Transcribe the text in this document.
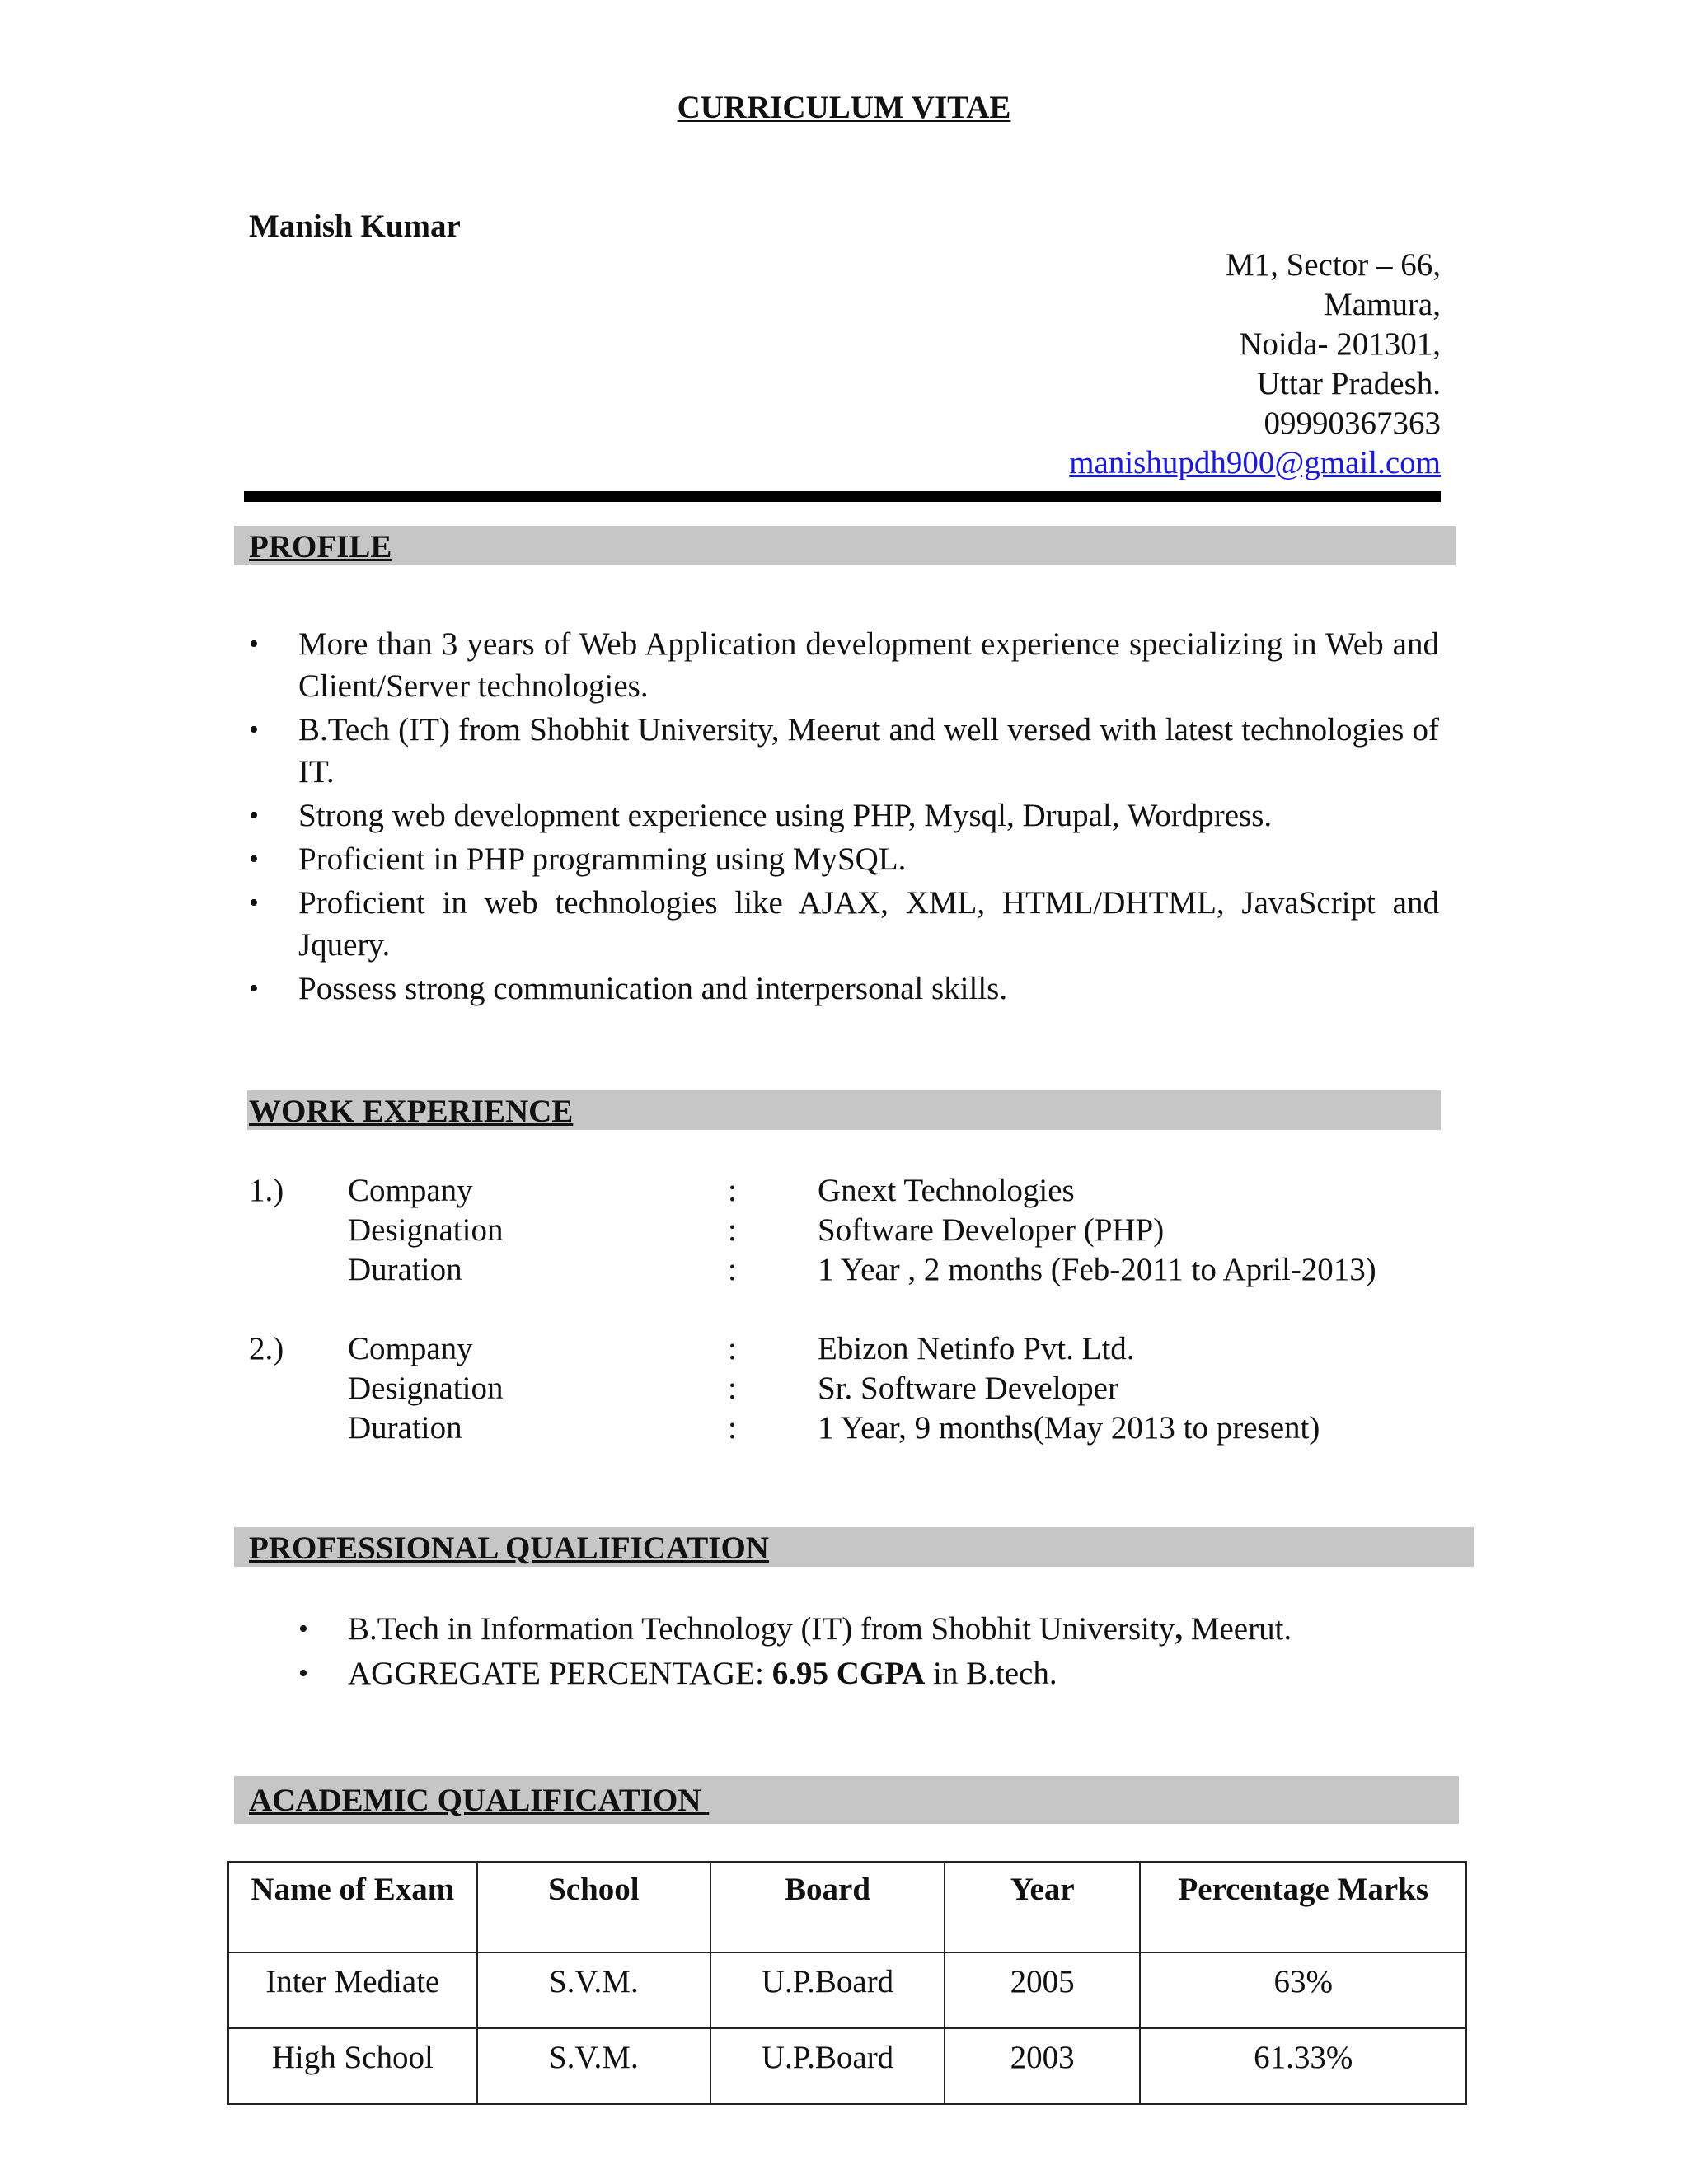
CURRICULUM VITAE
Manish Kumar
M1, Sector – 66,
Mamura,
Noida- 201301,
Uttar Pradesh.
09990367363
manishupdh900@gmail.com
PROFILE
• More than 3 years of Web Application development experience specializing in Web and Client/Server technologies.
• B.Tech (IT) from Shobhit University, Meerut and well versed with latest technologies of IT.
• Strong web development experience using PHP, Mysql, Drupal, Wordpress.
• Proficient in PHP programming using MySQL.
• Proficient in web technologies like AJAX, XML, HTML/DHTML, JavaScript and Jquery.
• Possess strong communication and interpersonal skills.
WORK EXPERIENCE
1.) Company	:	Gnext Technologies
Designation	:	Software Developer (PHP)
Duration	:	1 Year , 2 months (Feb-2011 to April-2013)
2.) Company	:	Ebizon Netinfo Pvt. Ltd.
Designation	:	Sr. Software Developer
Duration	:	1 Year, 9 months(May 2013 to present)
PROFESSIONAL QUALIFICATION
• B.Tech in Information Technology (IT) from Shobhit University, Meerut.
• AGGREGATE PERCENTAGE: 6.95 CGPA in B.tech.
ACADEMIC QUALIFICATION
Name of Exam	School	Board	Year	Percentage Marks
Inter Mediate	S.V.M.	U.P.Board	2005	63%
High School	S.V.M.	U.P.Board	2003	61.33%
